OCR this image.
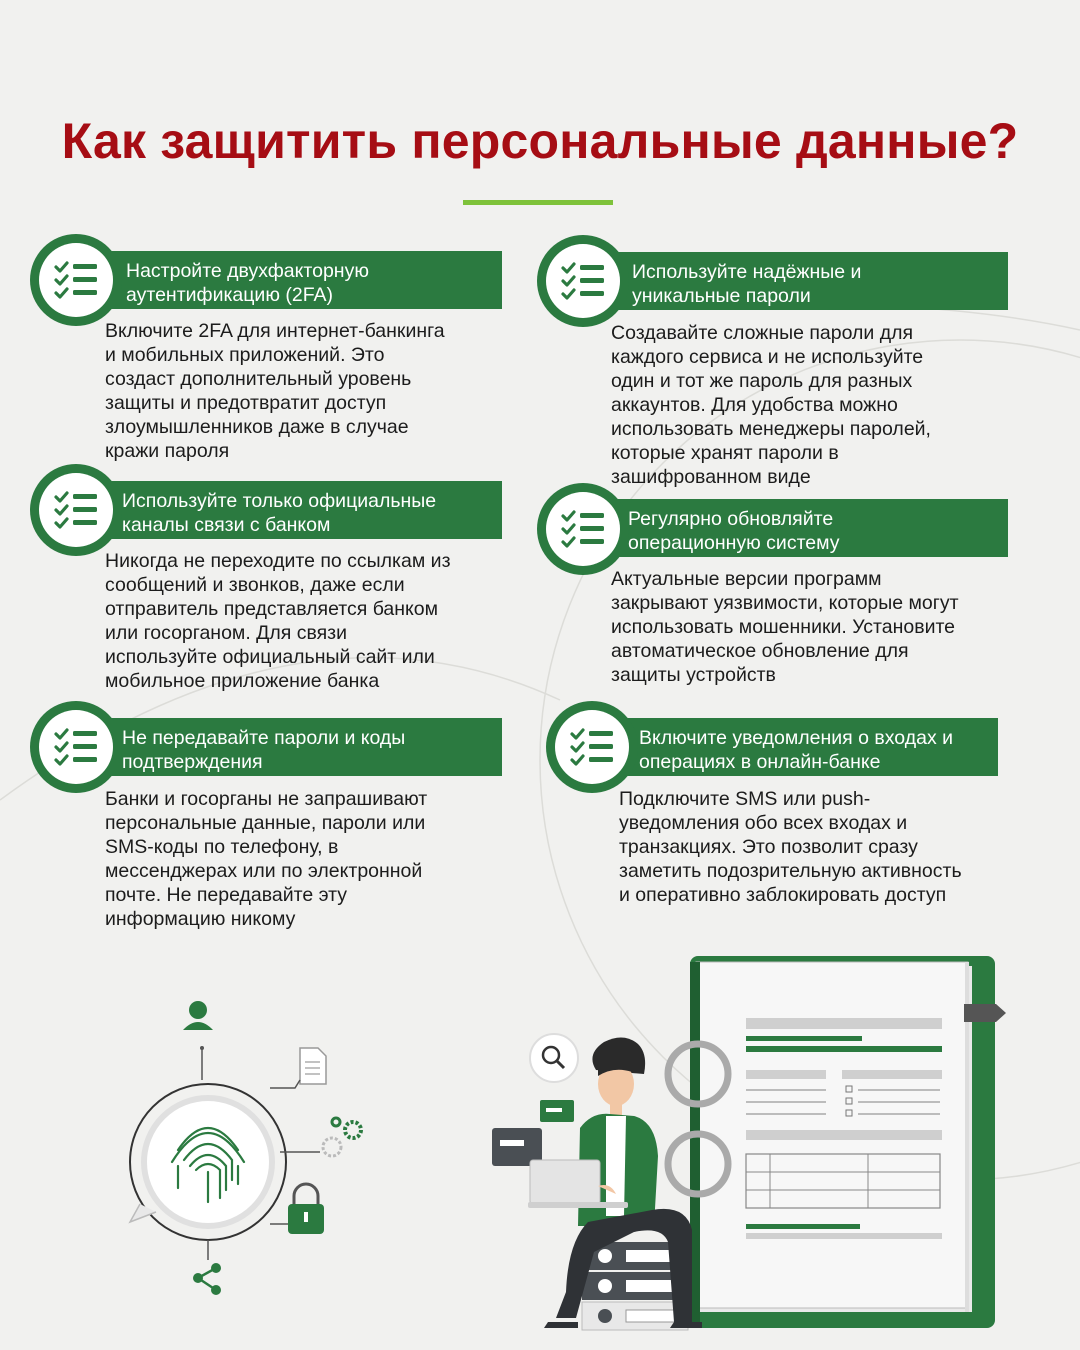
Как защитить персональные данные?
Настройте двухфакторную
аутентификацию (2FA)
Включите 2FA для интернет-банкинга
и мобильных приложений. Это
создаст дополнительный уровень
защиты и предотвратит доступ
злоумышленников даже в случае
кражи пароля
Используйте надёжные и
уникальные пароли
Создавайте сложные пароли для
каждого сервиса и не используйте
один и тот же пароль для разных
аккаунтов. Для удобства можно
использовать менеджеры паролей,
которые хранят пароли в
зашифрованном виде
Используйте только официальные
каналы связи с банком
Никогда не переходите по ссылкам из
сообщений и звонков, даже если
отправитель представляется банком
или госорганом. Для связи
используйте официальный сайт или
мобильное приложение банка
Регулярно обновляйте
операционную систему
Актуальные версии программ
закрывают уязвимости, которые могут
использовать мошенники. Установите
автоматическое обновление для
защиты устройств
Не передавайте пароли и коды
подтверждения
Банки и госорганы не запрашивают
персональные данные, пароли или
SMS-коды по телефону, в
мессенджерах или по электронной
почте. Не передавайте эту
информацию никому
Включите уведомления о входах и
операциях в онлайн-банке
Подключите SMS или push-
уведомления обо всех входах и
транзакциях. Это позволит сразу
заметить подозрительную активность
и оперативно заблокировать доступ
